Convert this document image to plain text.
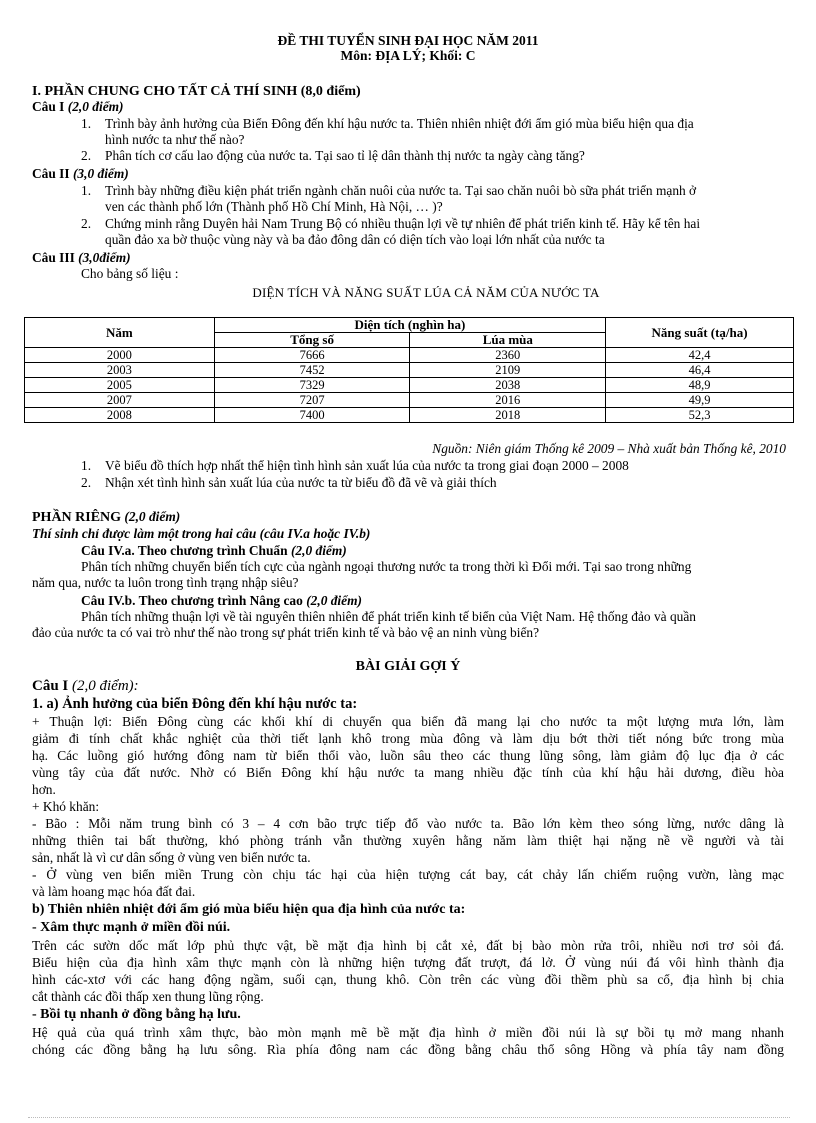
ĐỀ THI TUYỂN SINH ĐẠI HỌC NĂM 2011
Môn: ĐỊA LÝ; Khối: C
I. PHẦN CHUNG CHO TẤT CẢ THÍ SINH (8,0 điểm)
Câu I (2,0 điểm)
1. Trình bày ảnh hưởng của Biển Đông đến khí hậu nước ta. Thiên nhiên nhiệt đới ẩm gió mùa biểu hiện qua địa
hình nước ta như thế nào?
2. Phân tích cơ cấu lao động của nước ta. Tại sao tỉ lệ dân thành thị nước ta ngày càng tăng?
Câu II (3,0 điểm)
1. Trình bày những điều kiện phát triển ngành chăn nuôi của nước ta. Tại sao chăn nuôi bò sữa phát triển mạnh ở
ven các thành phố lớn (Thành phố Hồ Chí Minh, Hà Nội, … )?
2. Chứng minh rằng Duyên hải Nam Trung Bộ có nhiều thuận lợi về tự nhiên để phát triển kinh tế. Hãy kể tên hai
quần đảo xa bờ thuộc vùng này và ba đảo đông dân có diện tích vào loại lớn nhất của nước ta
Câu III (3,0điểm)
Cho bảng số liệu :
DIỆN TÍCH VÀ NĂNG SUẤT LÚA CẢ NĂM CỦA NƯỚC TA
Năm	Diện tích (nghìn ha)		Năng suất (tạ/ha)
	Tổng số	Lúa mùa	
2000	7666	2360	42,4
2003	7452	2109	46,4
2005	7329	2038	48,9
2007	7207	2016	49,9
2008	7400	2018	52,3
Nguồn: Niên giám Thống kê 2009 – Nhà xuất bản Thống kê, 2010
1. Vẽ biểu đồ thích hợp nhất thể hiện tình hình sản xuất lúa của nước ta trong giai đoạn 2000 – 2008
2. Nhận xét tình hình sản xuất lúa của nước ta từ biểu đồ đã vẽ và giải thích
PHẦN RIÊNG (2,0 điểm)
Thí sinh chỉ được làm một trong hai câu (câu IV.a hoặc IV.b)
Câu IV.a. Theo chương trình Chuẩn (2,0 điểm)
Phân tích những chuyển biến tích cực của ngành ngoại thương nước ta trong thời kì Đổi mới. Tại sao trong những
năm qua, nước ta luôn trong tình trạng nhập siêu?
Câu IV.b. Theo chương trình Nâng cao (2,0 điểm)
Phân tích những thuận lợi về tài nguyên thiên nhiên để phát triển kinh tế biển của Việt Nam. Hệ thống đảo và quần
đảo của nước ta có vai trò như thế nào trong sự phát triển kinh tế và bảo vệ an ninh vùng biển?
BÀI GIẢI GỢI Ý
Câu I (2,0 điểm):
1. a) Ảnh hưởng của biển Đông đến khí hậu nước ta:
+ Thuận lợi: Biển Đông cùng các khối khí di chuyển qua biển đã mang lại cho nước ta một lượng mưa lớn, làm
giảm đi tính chất khắc nghiệt của thời tiết lạnh khô trong mùa đông và làm dịu bớt thời tiết nóng bức trong mùa
hạ. Các luồng gió hướng đông nam từ biển thổi vào, luồn sâu theo các thung lũng sông, làm giảm độ lục địa ở các
vùng tây của đất nước. Nhờ có Biển Đông khí hậu nước ta mang nhiều đặc tính của khí hậu hải dương, điều hòa
hơn.
+ Khó khăn:
- Bão : Mỗi năm trung bình có 3 – 4 cơn bão trực tiếp đổ vào nước ta. Bão lớn kèm theo sóng lừng, nước dâng là
những thiên tai bất thường, khó phòng tránh vẫn thường xuyên hằng năm làm thiệt hại nặng nề về người và tài
sản, nhất là vì cư dân sống ở vùng ven biển nước ta.
- Ở vùng ven biển miền Trung còn chịu tác hại của hiện tượng cát bay, cát chảy lấn chiếm ruộng vườn, làng mạc
và làm hoang mạc hóa đất đai.
b) Thiên nhiên nhiệt đới ẩm gió mùa biểu hiện qua địa hình của nước ta:
- Xâm thực mạnh ở miền đồi núi.
Trên các sườn dốc mất lớp phủ thực vật, bề mặt địa hình bị cắt xẻ, đất bị bào mòn rửa trôi, nhiều nơi trơ sỏi đá.
Biểu hiện của địa hình xâm thực mạnh còn là những hiện tượng đất trượt, đá lở. Ở vùng núi đá vôi hình thành địa
hình các-xtơ với các hang động ngầm, suối cạn, thung khô. Còn trên các vùng đồi thềm phù sa cổ, địa hình bị chia
cắt thành các đồi thấp xen thung lũng rộng.
- Bồi tụ nhanh ở đồng bằng hạ lưu.
Hệ quả của quá trình xâm thực, bào mòn mạnh mẽ bề mặt địa hình ở miền đồi núi là sự bồi tụ mở mang nhanh
chóng các đồng bằng hạ lưu sông. Rìa phía đông nam các đồng bằng châu thổ sông Hồng và phía tây nam đồng
